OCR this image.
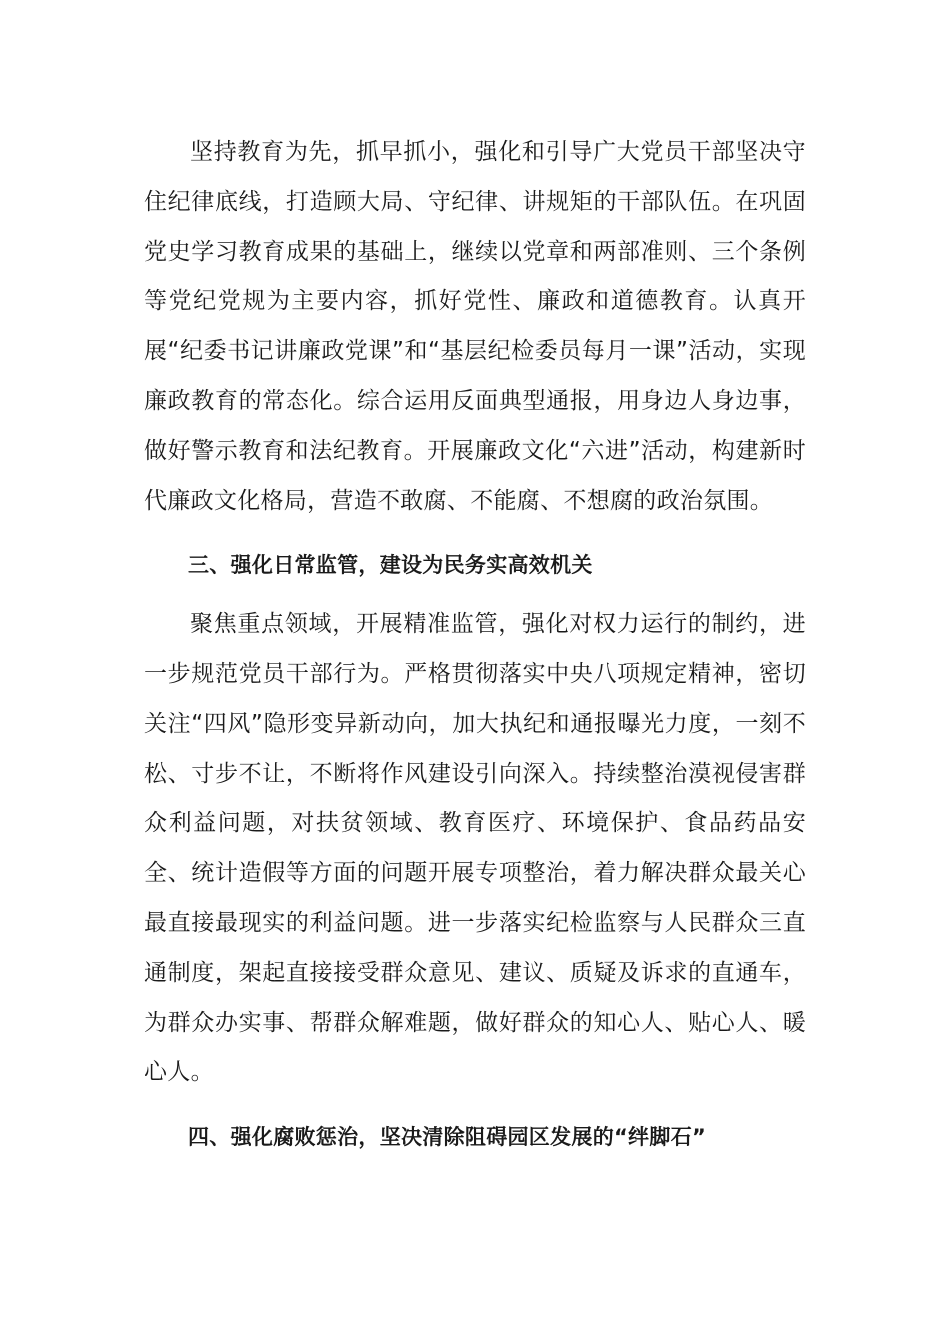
坚持教育为先，抓早抓小，强化和引导广大党员干部坚决守住纪律底线，打造顾大局、守纪律、讲规矩的干部队伍。在巩固党史学习教育成果的基础上，继续以党章和两部准则、三个条例等党纪党规为主要内容，抓好党性、廉政和道德教育。认真开展“纪委书记讲廉政党课”和“基层纪检委员每月一课”活动，实现廉政教育的常态化。综合运用反面典型通报，用身边人身边事，做好警示教育和法纪教育。开展廉政文化“六进”活动，构建新时代廉政文化格局，营造不敢腐、不能腐、不想腐的政治氛围。

三、强化日常监管，建设为民务实高效机关

聚焦重点领域，开展精准监管，强化对权力运行的制约，进一步规范党员干部行为。严格贯彻落实中央八项规定精神，密切关注“四风”隐形变异新动向，加大执纪和通报曝光力度，一刻不松、寸步不让，不断将作风建设引向深入。持续整治漠视侵害群众利益问题，对扶贫领域、教育医疗、环境保护、食品药品安全、统计造假等方面的问题开展专项整治，着力解决群众最关心最直接最现实的利益问题。进一步落实纪检监察与人民群众三直通制度，架起直接接受群众意见、建议、质疑及诉求的直通车，为群众办实事、帮群众解难题，做好群众的知心人、贴心人、暖心人。

四、强化腐败惩治，坚决清除阻碍园区发展的“绊脚石”
